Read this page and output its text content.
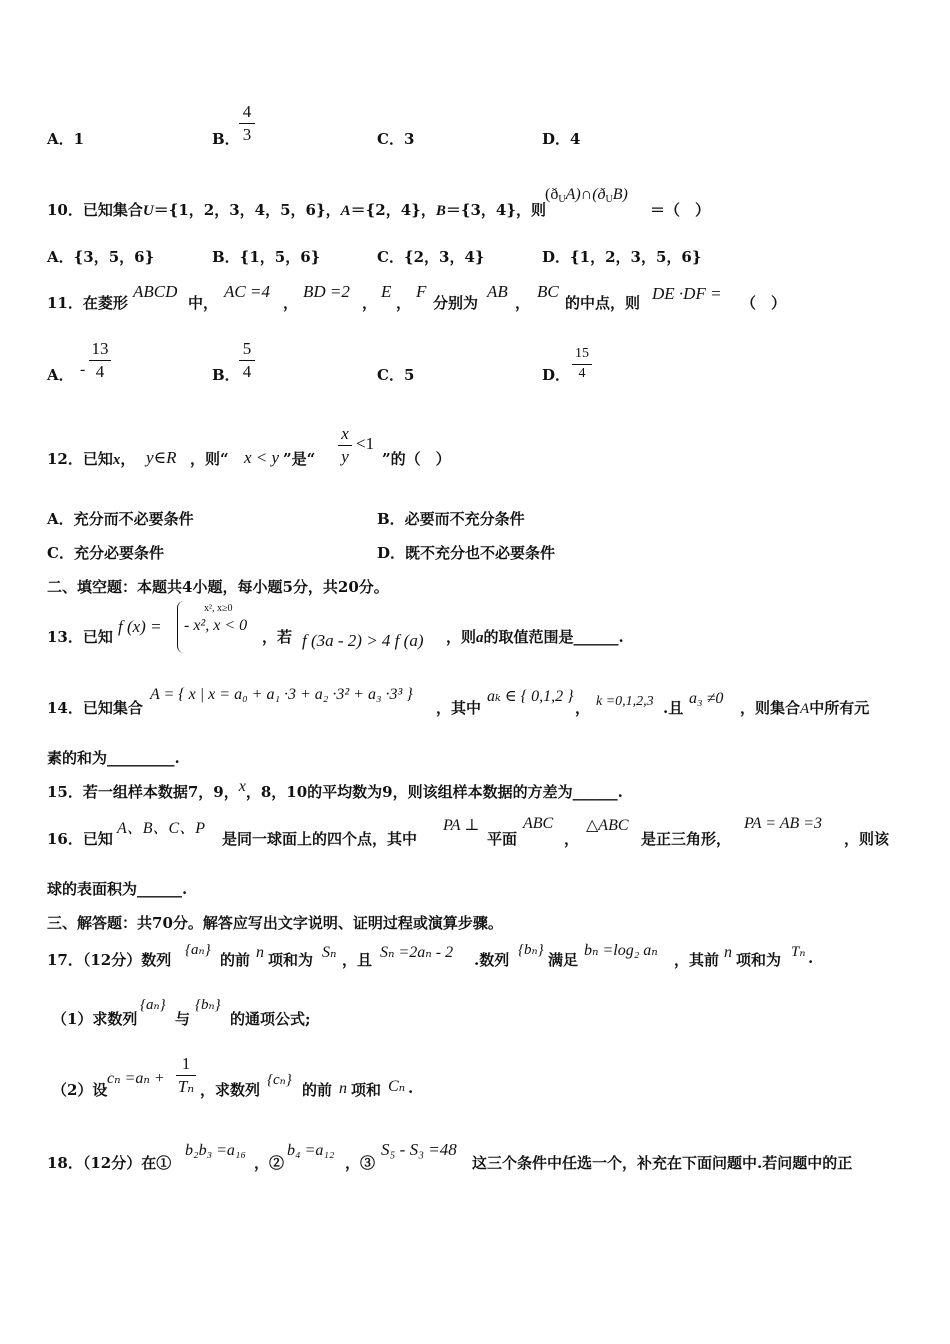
A．1	B．
4
3	C．3	D．4
10．已知集合U＝{1，2，3，4，5，6}，A＝{2，4}，B＝{3，4}，则
$(ð_UA)\cap(ð_UB)$
＝（　）
A．{3，5，6}	B．{1，5，6}	C．{2，3，4}	D．{1，2，3，5，6}
11．在菱形
ABCD
中，
AC =4
，
BD =2
，
E
，
F
分别为
AB
，
BC
的中点，则 DE ·DF = （　）
A． -
13
4	B．
5
4	C．5	D．
15
4
12．已知x， y∈R ，则“ x < y ”是“
x
y
<1
”的（　）
A．充分而不必要条件	B．必要而不充分条件
C．充分必要条件	D．既不充分也不必要条件
二、填空题：本题共4小题，每小题5分，共20分。
13．已知
f (x) =
x², x≥0
- x², x < 0
，若 f (3a - 2) > 4 f (a) ，则a的取值范围是______.
14．已知集合
A = { x | x = a₀ + a₁ ·3 + a₂ ·3² + a₃ ·3³ }
，其中
aₖ ∈ { 0,1,2 }
， k =0,1,2,3 .且
a₃ ≠0
，则集合A中所有元
素的和为_________.
15．若一组样本数据7，9，x，8，10的平均数为9，则该组样本数据的方差为______.
16．已知
A、B、C、P
是同一球面上的四个点，其中
PA ⊥
平面
ABC
，
△ABC
是正三角形，
PA = AB =3
，则该
球的表面积为______.
三、解答题：共70分。解答应写出文字说明、证明过程或演算步骤。
17．（12分）数列
{aₙ}
的前 n 项和为 Sₙ ，且 Sₙ =2aₙ - 2 .数列
{bₙ}
满足
bₙ =log₂ aₙ
，其前 n 项和为 Tₙ .
（1）求数列
{aₙ}
与
{bₙ}
的通项公式;
（2）设
cₙ =aₙ +
1
Tₙ ，求数列
{cₙ}
的前 n 项和 Cₙ .
18．（12分）在①
b₂b₃ =a₁₆
，②
b₄ =a₁₂
，③
S₅ - S₃ =48
这三个条件中任选一个，补充在下面问题中.若问题中的正
